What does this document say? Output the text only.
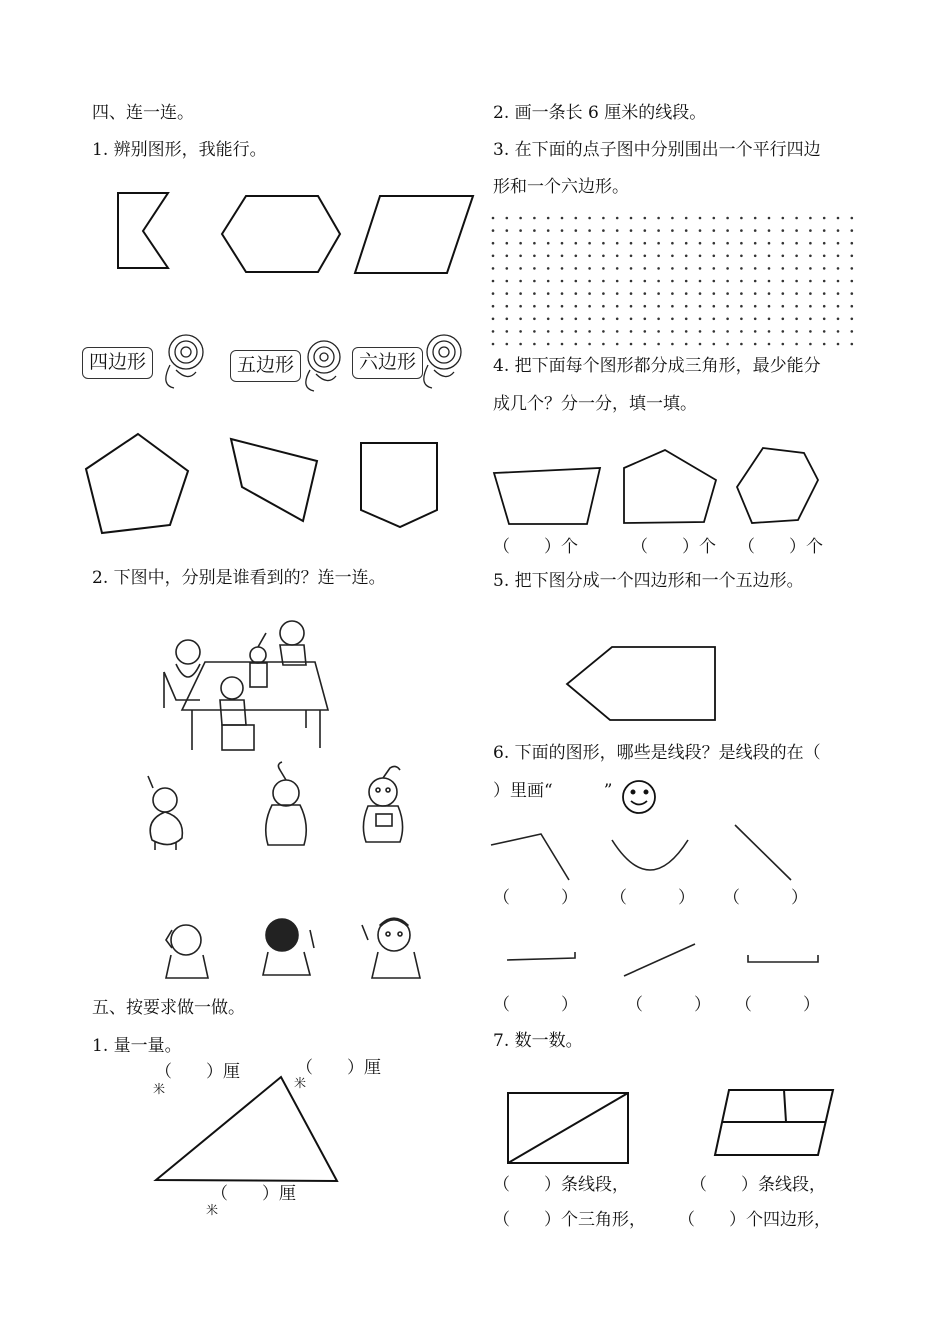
四、连一连。
1. 辨别图形，我能行。
2. 下图中，分别是谁看到的？连一连。
五、按要求做一做。
1. 量一量。
四边形	五边形	六边形
（　　）厘	（　　）厘
（　　）厘
米	米
米
2. 画一条长 6 厘米的线段。
3. 在下面的点子图中分别围出一个平行四边
形和一个六边形。
4. 把下面每个图形都分成三角形，最少能分
成几个？分一分，填一填。
（　　）个	（　　）个 （　　）个
5. 把下图分成一个四边形和一个五边形。
6. 下面的图形，哪些是线段？是线段的在（
）里画“　　　”
（　　　） （　　　） （　　　）
（　　　）	（　　　） （　　　）
7. 数一数。
（　　）条线段，	（　　）条线段，
（　　）个三角形， （　　）个四边形，
